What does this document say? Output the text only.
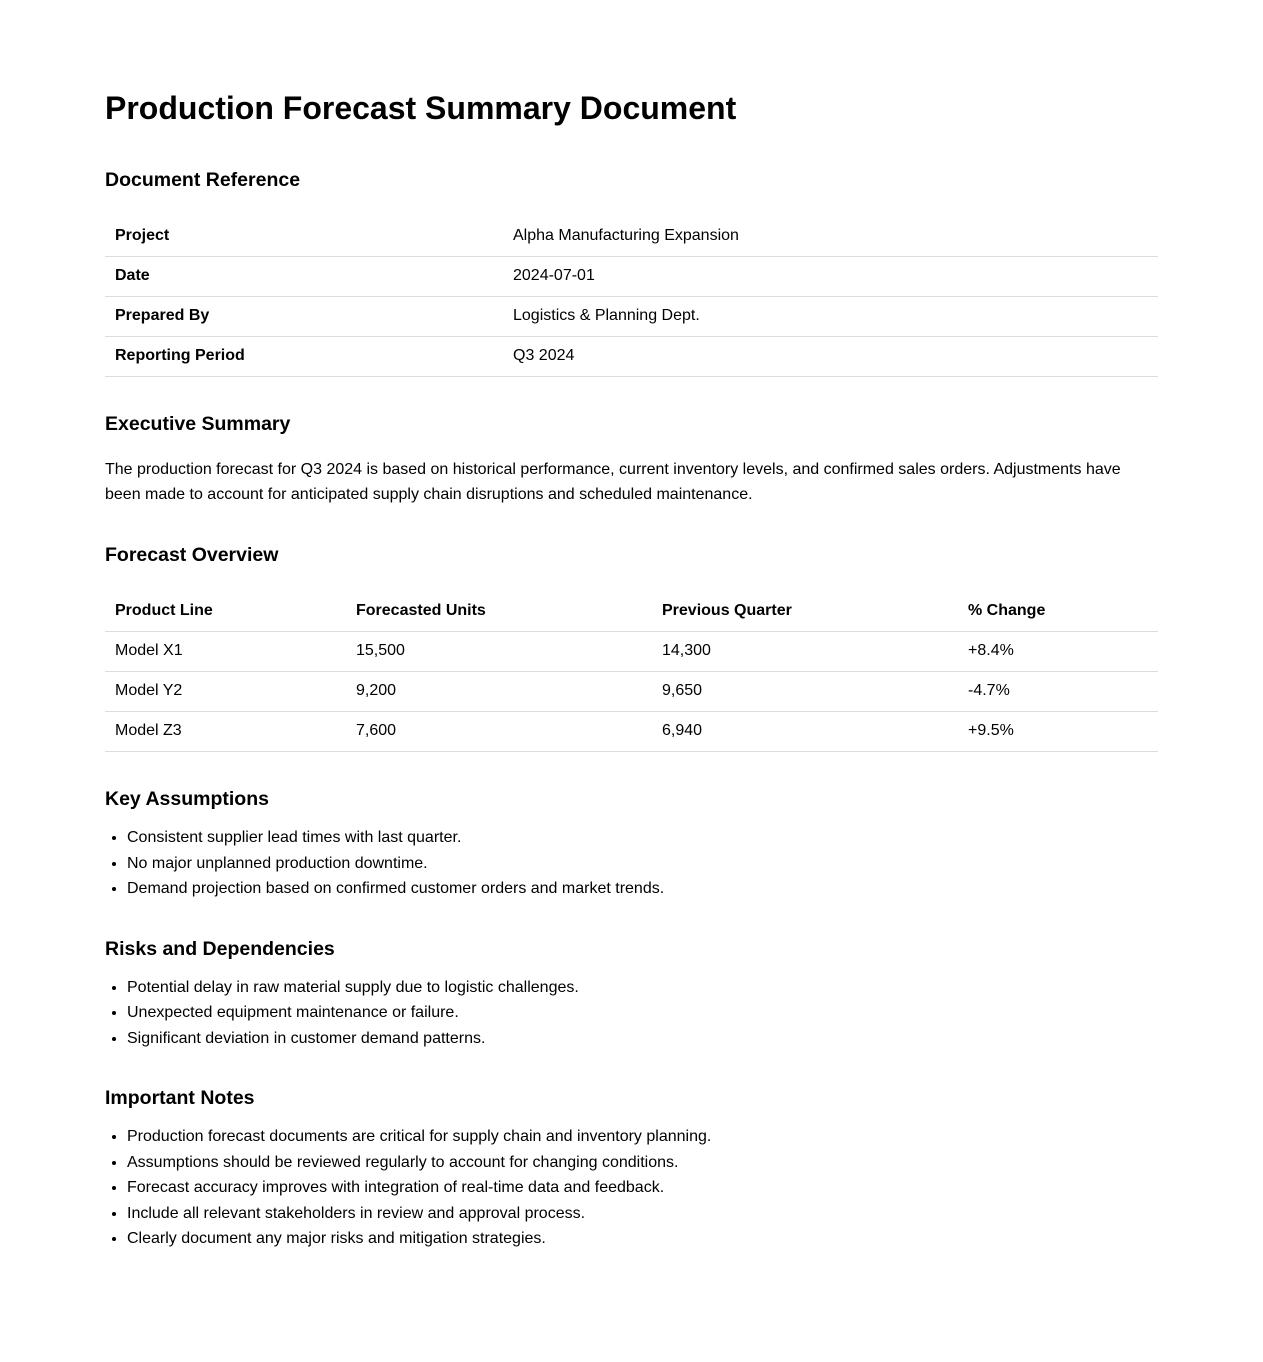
Production Forecast Summary Document
Document Reference
Project	Alpha Manufacturing Expansion
Date	2024-07-01
Prepared By	Logistics & Planning Dept.
Reporting Period	Q3 2024
Executive Summary

The production forecast for Q3 2024 is based on historical performance, current inventory levels, and confirmed sales orders. Adjustments have been made to account for anticipated supply chain disruptions and scheduled maintenance.

Forecast Overview
Product Line	Forecasted Units	Previous Quarter	% Change
Model X1	15,500	14,300	+8.4%
Model Y2	9,200	9,650	-4.7%
Model Z3	7,600	6,940	+9.5%
Key Assumptions
• Consistent supplier lead times with last quarter.
• No major unplanned production downtime.
• Demand projection based on confirmed customer orders and market trends.
Risks and Dependencies
• Potential delay in raw material supply due to logistic challenges.
• Unexpected equipment maintenance or failure.
• Significant deviation in customer demand patterns.
Important Notes
• Production forecast documents are critical for supply chain and inventory planning.
• Assumptions should be reviewed regularly to account for changing conditions.
• Forecast accuracy improves with integration of real-time data and feedback.
• Include all relevant stakeholders in review and approval process.
• Clearly document any major risks and mitigation strategies.
